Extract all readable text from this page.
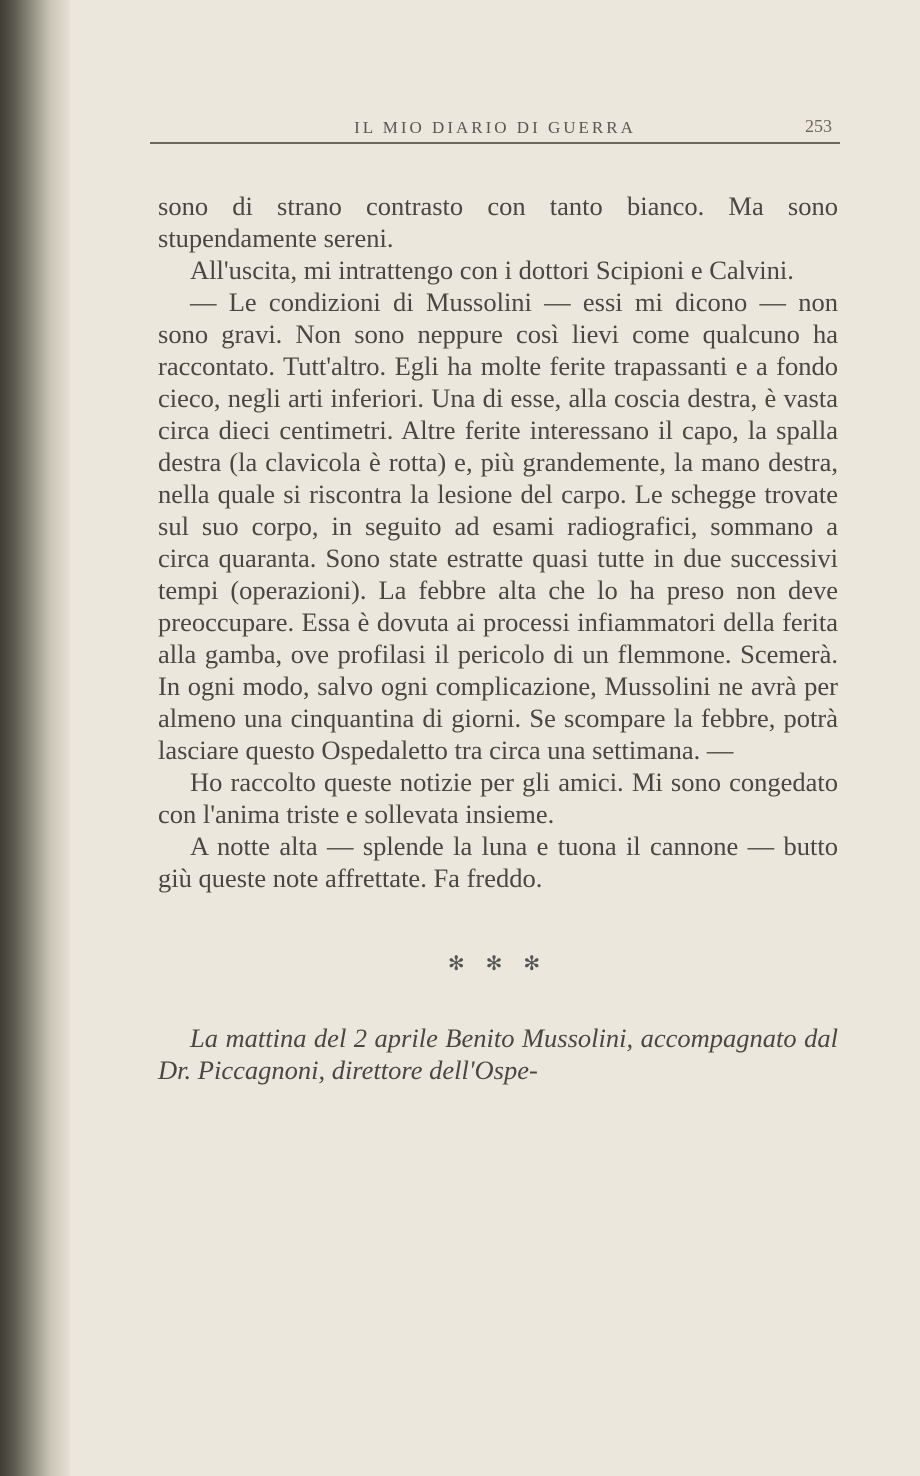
IL MIO DIARIO DI GUERRA	253

sono di strano contrasto con tanto bianco. Ma sono stupendamente sereni.

All'uscita, mi intrattengo con i dottori Scipioni e Calvini.

— Le condizioni di Mussolini — essi mi dicono — non sono gravi. Non sono neppure così lievi come qualcuno ha raccontato. Tutt'altro. Egli ha molte ferite trapassanti e a fondo cieco, negli arti inferiori. Una di esse, alla coscia destra, è vasta circa dieci centimetri. Altre ferite interessano il capo, la spalla destra (la clavicola è rotta) e, più grandemente, la mano destra, nella quale si riscontra la lesione del carpo. Le schegge trovate sul suo corpo, in seguito ad esami radiografici, sommano a circa quaranta. Sono state estratte quasi tutte in due successivi tempi (operazioni). La febbre alta che lo ha preso non deve preoccupare. Essa è dovuta ai processi infiammatori della ferita alla gamba, ove profilasi il pericolo di un flemmone. Scemerà. In ogni modo, salvo ogni complicazione, Mussolini ne avrà per almeno una cinquantina di giorni. Se scompare la febbre, potrà lasciare questo Ospedaletto tra circa una settimana. —

Ho raccolto queste notizie per gli amici. Mi sono congedato con l'anima triste e sollevata insieme.

A notte alta — splende la luna e tuona il cannone — butto giù queste note affrettate. Fa freddo.

✻ ✻ ✻

La mattina del 2 aprile Benito Mussolini, accompagnato dal Dr. Piccagnoni, direttore dell'Ospe-
